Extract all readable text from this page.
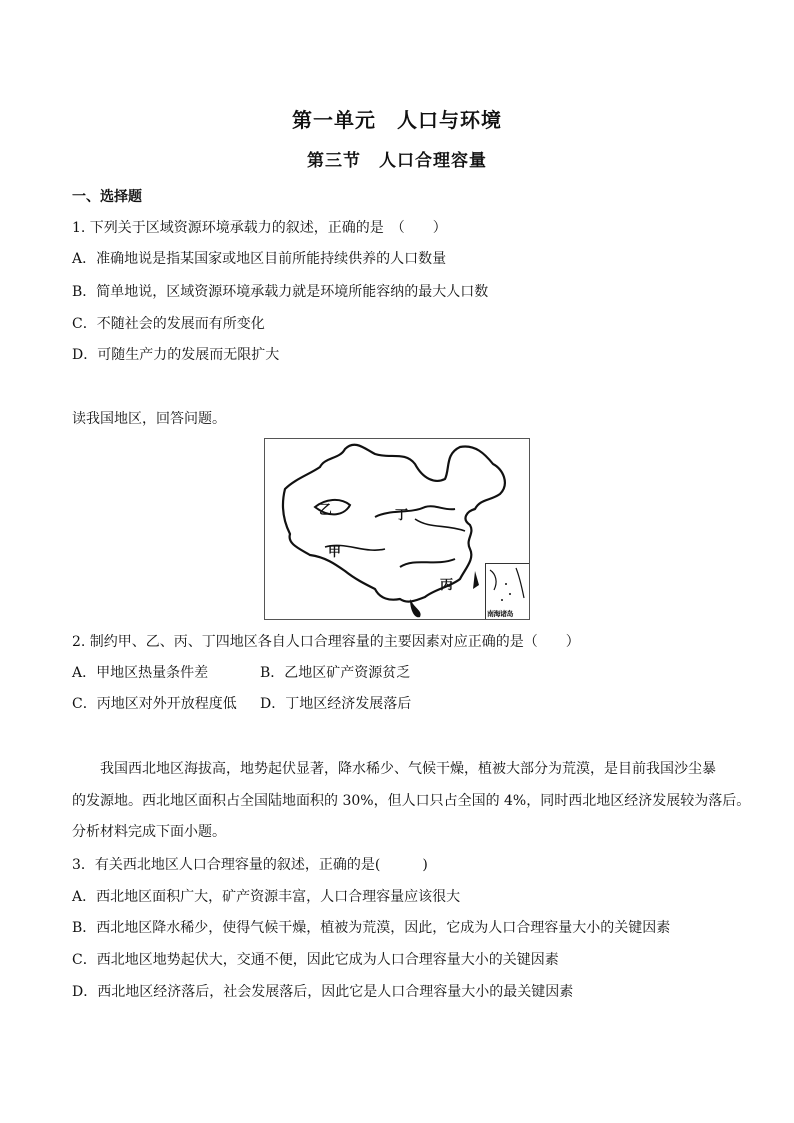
第一单元　人口与环境
第三节　人口合理容量
一、选择题
1. 下列关于区域资源环境承载力的叙述，正确的是　（　　）
A．准确地说是指某国家或地区目前所能持续供养的人口数量
B．简单地说，区域资源环境承载力就是环境所能容纳的最大人口数
C．不随社会的发展而有所变化
D．可随生产力的发展而无限扩大
读我国地区，回答问题。
乙	丁
甲
丙
南海诸岛
2. 制约甲、乙、丙、丁四地区各自人口合理容量的主要因素对应正确的是（　　）
A．甲地区热量条件差	B．乙地区矿产资源贫乏
C．丙地区对外开放程度低 D．丁地区经济发展落后
我国西北地区海拔高，地势起伏显著，降水稀少、气候干燥，植被大部分为荒漠，是目前我国沙尘暴
的发源地。西北地区面积占全国陆地面积的 30%，但人口只占全国的 4%，同时西北地区经济发展较为落后。
分析材料完成下面小题。
3．有关西北地区人口合理容量的叙述，正确的是(　　　)
A．西北地区面积广大，矿产资源丰富，人口合理容量应该很大
B．西北地区降水稀少，使得气候干燥，植被为荒漠，因此，它成为人口合理容量大小的关键因素
C．西北地区地势起伏大，交通不便，因此它成为人口合理容量大小的关键因素
D．西北地区经济落后，社会发展落后，因此它是人口合理容量大小的最关键因素
